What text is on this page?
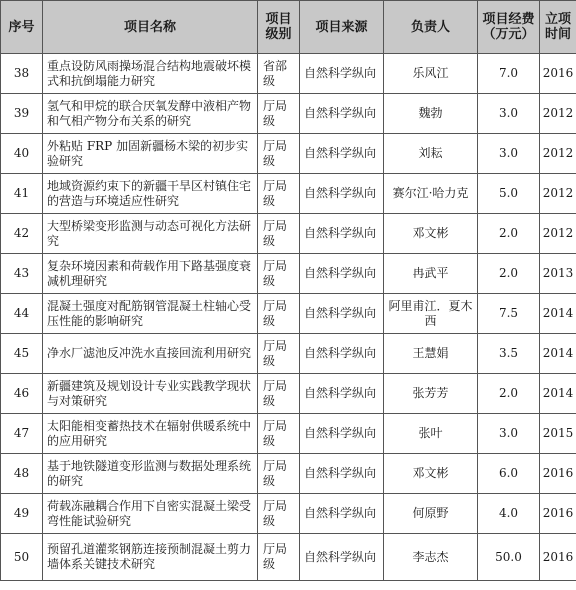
序号	项目名称	项目级别	项目来源	负责人	项目经费（万元）	立项时间
38	重点设防风雨操场混合结构地震破坏模式和抗倒塌能力研究	省部级	自然科学纵向	乐风江	7.0	2016
39	氢气和甲烷的联合厌氧发酵中液相产物和气相产物分布关系的研究	厅局级	自然科学纵向	魏勃	3.0	2012
40	外粘贴 FRP 加固新疆杨木梁的初步实验研究	厅局级	自然科学纵向	刘耘	3.0	2012
41	地域资源约束下的新疆干旱区村镇住宅的营造与环境适应性研究	厅局级	自然科学纵向	赛尔江·哈力克	5.0	2012
42	大型桥梁变形监测与动态可视化方法研究	厅局级	自然科学纵向	邓文彬	2.0	2012
43	复杂环境因素和荷载作用下路基强度衰减机理研究	厅局级	自然科学纵向	冉武平	2.0	2013
44	混凝土强度对配筋钢管混凝土柱轴心受压性能的影响研究	厅局级	自然科学纵向	阿里甫江．夏木西	7.5	2014
45	净水厂滤池反冲洗水直接回流利用研究	厅局级	自然科学纵向	王慧娟	3.5	2014
46	新疆建筑及规划设计专业实践教学现状与对策研究	厅局级	自然科学纵向	张芳芳	2.0	2014
47	太阳能相变蓄热技术在辐射供暖系统中的应用研究	厅局级	自然科学纵向	张叶	3.0	2015
48	基于地铁隧道变形监测与数据处理系统的研究	厅局级	自然科学纵向	邓文彬	6.0	2016
49	荷载冻融耦合作用下自密实混凝土梁受弯性能试验研究	厅局级	自然科学纵向	何原野	4.0	2016
50	预留孔道灌浆钢筋连接预制混凝土剪力墙体系关键技术研究	厅局级	自然科学纵向	李志杰	50.0	2016
